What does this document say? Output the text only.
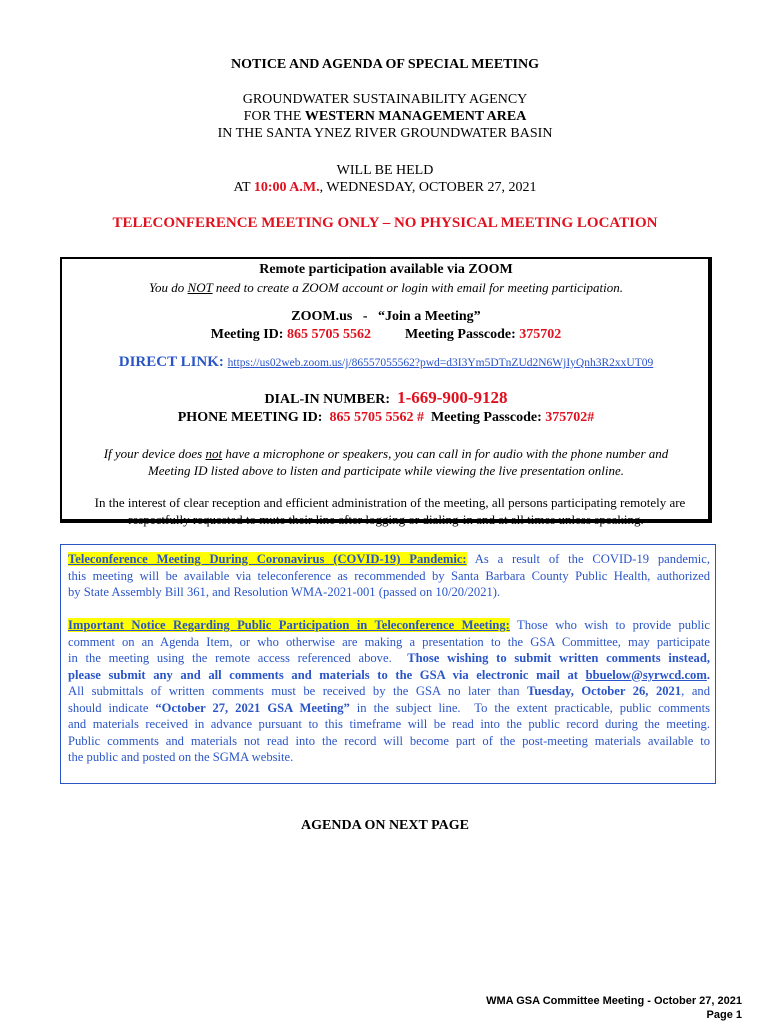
NOTICE AND AGENDA OF SPECIAL MEETING
GROUNDWATER SUSTAINABILITY AGENCY
FOR THE WESTERN MANAGEMENT AREA
IN THE SANTA YNEZ RIVER GROUNDWATER BASIN
WILL BE HELD
AT 10:00 A.M., WEDNESDAY, OCTOBER 27, 2021
TELECONFERENCE MEETING ONLY – NO PHYSICAL MEETING LOCATION
Remote participation available via ZOOM
You do NOT need to create a ZOOM account or login with email for meeting participation.
ZOOM.us   -   “Join a Meeting”
Meeting ID: 865 5705 5562 Meeting Passcode: 375702
DIRECT LINK: https://us02web.zoom.us/j/86557055562?pwd=d3I3Ym5DTnZUd2N6WjIyQnh3R2xxUT09
DIAL-IN NUMBER:  1-669-900-9128
PHONE MEETING ID:  865 5705 5562 #  Meeting Passcode: 375702#
If your device does not have a microphone or speakers, you can call in for audio with the phone number and
Meeting ID listed above to listen and participate while viewing the live presentation online.
In the interest of clear reception and efficient administration of the meeting, all persons participating remotely are
respectfully requested to mute their line after logging or dialing-in and at all times unless speaking.
Teleconference Meeting During Coronavirus (COVID-19) Pandemic: As a result of the COVID-19 pandemic,
this meeting will be available via teleconference as recommended by Santa Barbara County Public Health, authorized
by State Assembly Bill 361, and Resolution WMA-2021-001 (passed on 10/20/2021).
Important Notice Regarding Public Participation in Teleconference Meeting: Those who wish to provide public
comment on an Agenda Item, or who otherwise are making a presentation to the GSA Committee, may participate
in the meeting using the remote access referenced above.  Those wishing to submit written comments instead,
please submit any and all comments and materials to the GSA via electronic mail at bbuelow@syrwcd.com.
All submittals of written comments must be received by the GSA no later than Tuesday, October 26, 2021, and
should indicate “October 27, 2021 GSA Meeting” in the subject line.  To the extent practicable, public comments
and materials received in advance pursuant to this timeframe will be read into the public record during the meeting.
Public comments and materials not read into the record will become part of the post-meeting materials available to
the public and posted on the SGMA website.
AGENDA ON NEXT PAGE
WMA GSA Committee Meeting - October 27, 2021
Page 1
